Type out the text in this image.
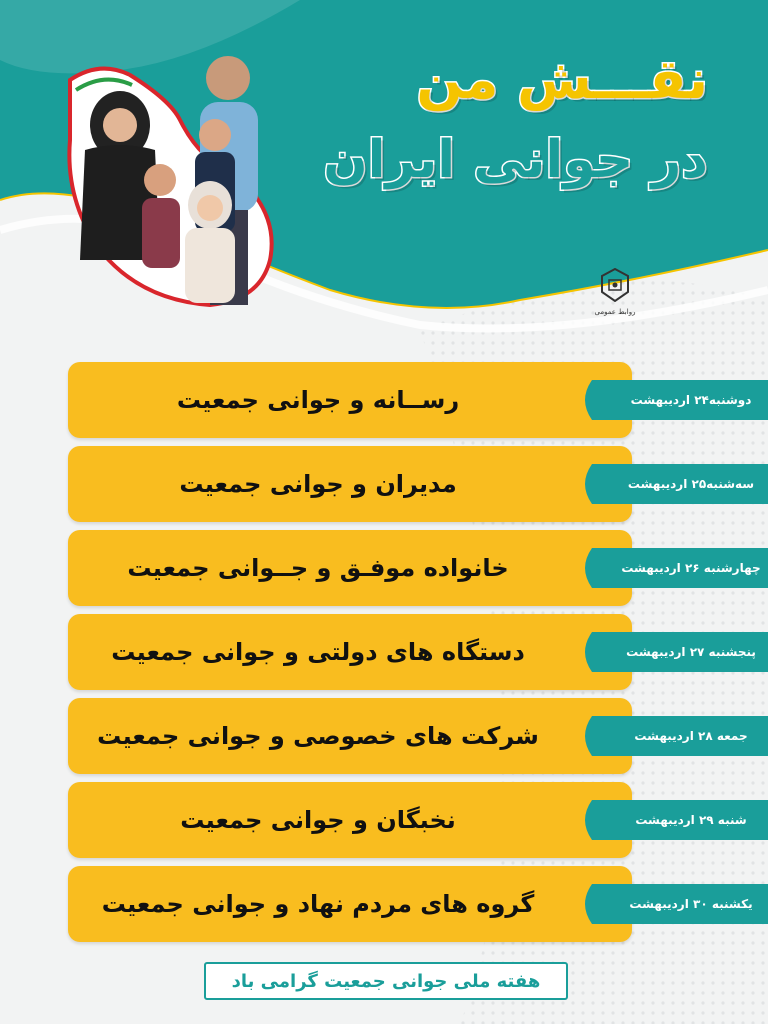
نقـــش من
در جوانی ایران
روابط عمومی
رســانه و جوانی جمعیت	دوشنبه۲۴ اردیبهشت
مدیران و جوانی جمعیت	سه‌شنبه۲۵ اردیبهشت
خانواده موفـق و جــوانی جمعیت	چهارشنبه ۲۶ اردیبهشت
دستگاه های دولتی و جوانی جمعیت	پنجشنبه ۲۷ اردیبهشت
شرکت های خصوصی و جوانی جمعیت	جمعه ۲۸ اردیبهشت
نخبگان و جوانی جمعیت	شنبه ۲۹ اردیبهشت
گروه های مردم نهاد و جوانی جمعیت	یکشنبه ۳۰ اردیبهشت
هفته ملی جوانی جمعیت گرامی باد
